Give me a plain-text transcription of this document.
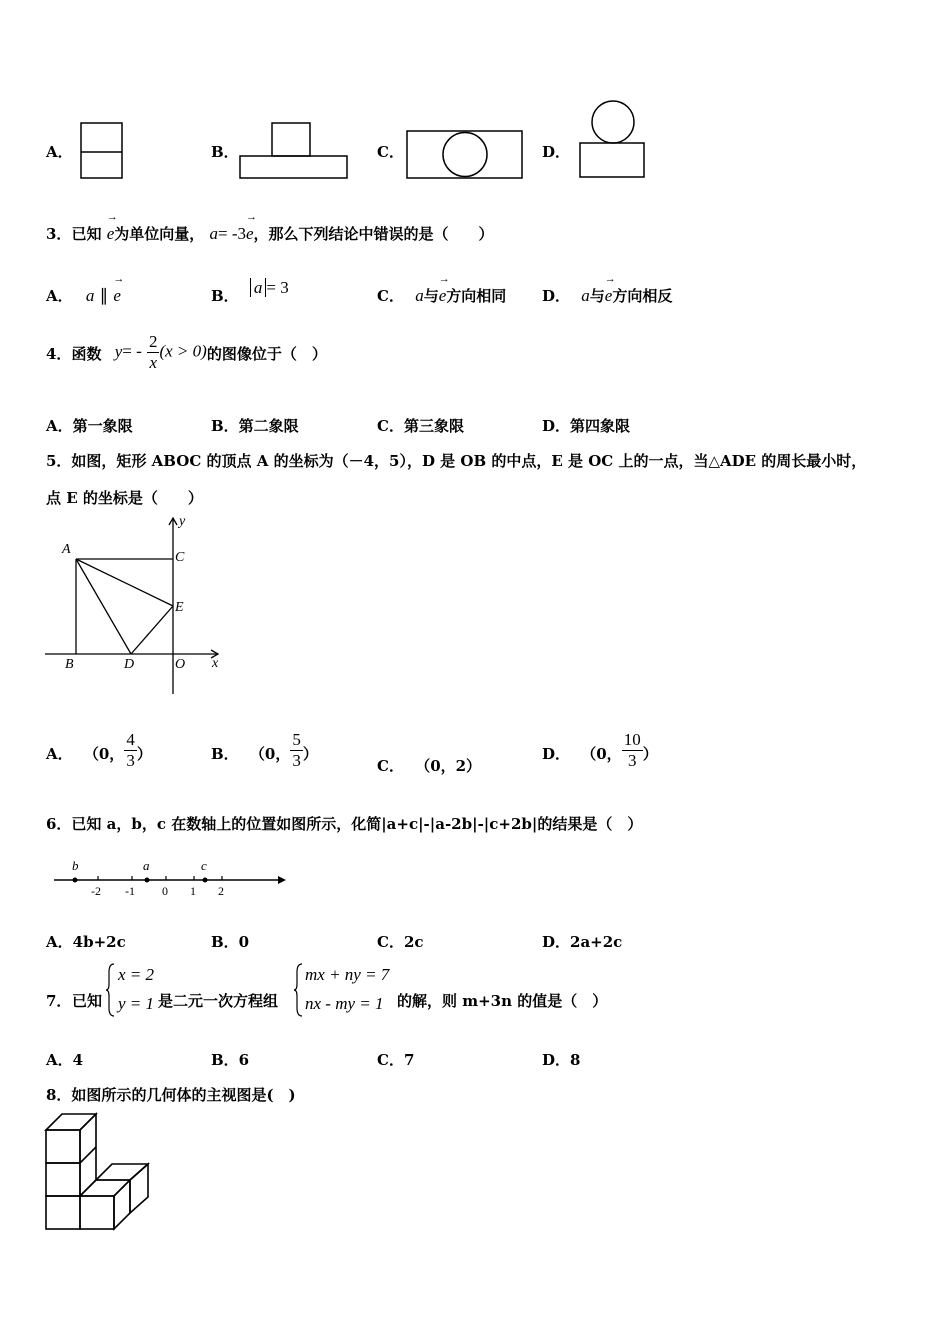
A．	B．	C．	D．
3．已知 → e为单位向量， a= -3→ e，那么下列结论中错误的是（　　）
A． a ∥ → e	B． a = 3	C． a与→ e方向相同 D． a与→ e方向相反
4．函数 $y= - \frac{2}{x} (x > 0)$的图像位于（　）
A．第一象限	B．第二象限	C．第三象限	D．第四象限
5．如图，矩形 ABOC 的顶点 A 的坐标为（－4，5），D 是 OB 的中点，E 是 OC 上的一点，当△ADE 的周长最小时，
点 E 的坐标是（　　）
A
C
E
B	D	O x
y
A． （0， $\frac{4}{3}$ ）	B． （0， $\frac{5}{3}$ ）
C． （0，2）
D． （0， $\frac{10}{3}$ ）
6．已知 a，b，c 在数轴上的位置如图所示，化简|a+c|-|a-2b|-|c+2b|的结果是（　）
b	a	c
-2 -1 0 1 2
A．4b+2c	B．0	C．2c	D．2a+2c
7． 已知
x = 2
y = 1 是二元一次方程组
mx + ny = 7
nx - my = 1 的解，则 m+3n 的值是（　）
A．4	B．6	C．7	D．8
8．如图所示的几何体的主视图是(　)
